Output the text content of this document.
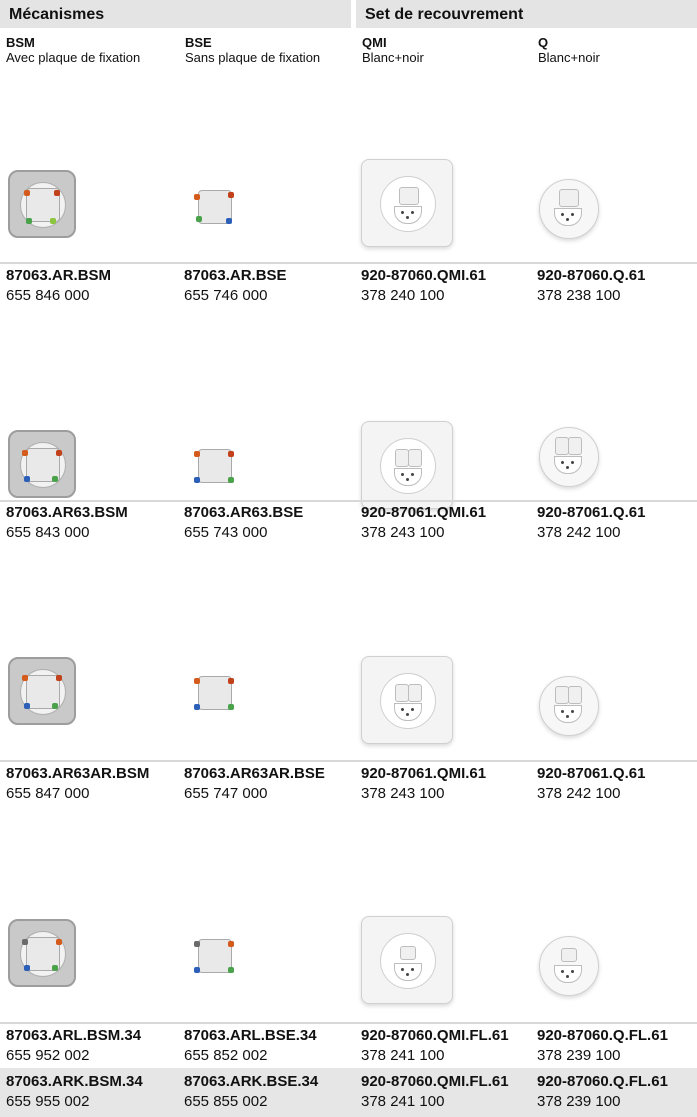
Mécanismes	Set de recouvrement
BSM
Avec plaque de fixation
BSE
Sans plaque de fixation
QMI
Blanc+noir
Q
Blanc+noir
87063.AR.BSM
655 846 000
87063.AR.BSE
655 746 000
920-87060.QMI.61
378 240 100
920-87060.Q.61
378 238 100
87063.AR63.BSM
655 843 000
87063.AR63.BSE
655 743 000
920-87061.QMI.61
378 243 100
920-87061.Q.61
378 242 100
87063.AR63AR.BSM
655 847 000
87063.AR63AR.BSE
655 747 000
920-87061.QMI.61
378 243 100
920-87061.Q.61
378 242 100
87063.ARL.BSM.34
655 952 002
87063.ARL.BSE.34
655 852 002
920-87060.QMI.FL.61
378 241 100
920-87060.Q.FL.61
378 239 100
87063.ARK.BSM.34
655 955 002
87063.ARK.BSE.34
655 855 002
920-87060.QMI.FL.61
378 241 100
920-87060.Q.FL.61
378 239 100
